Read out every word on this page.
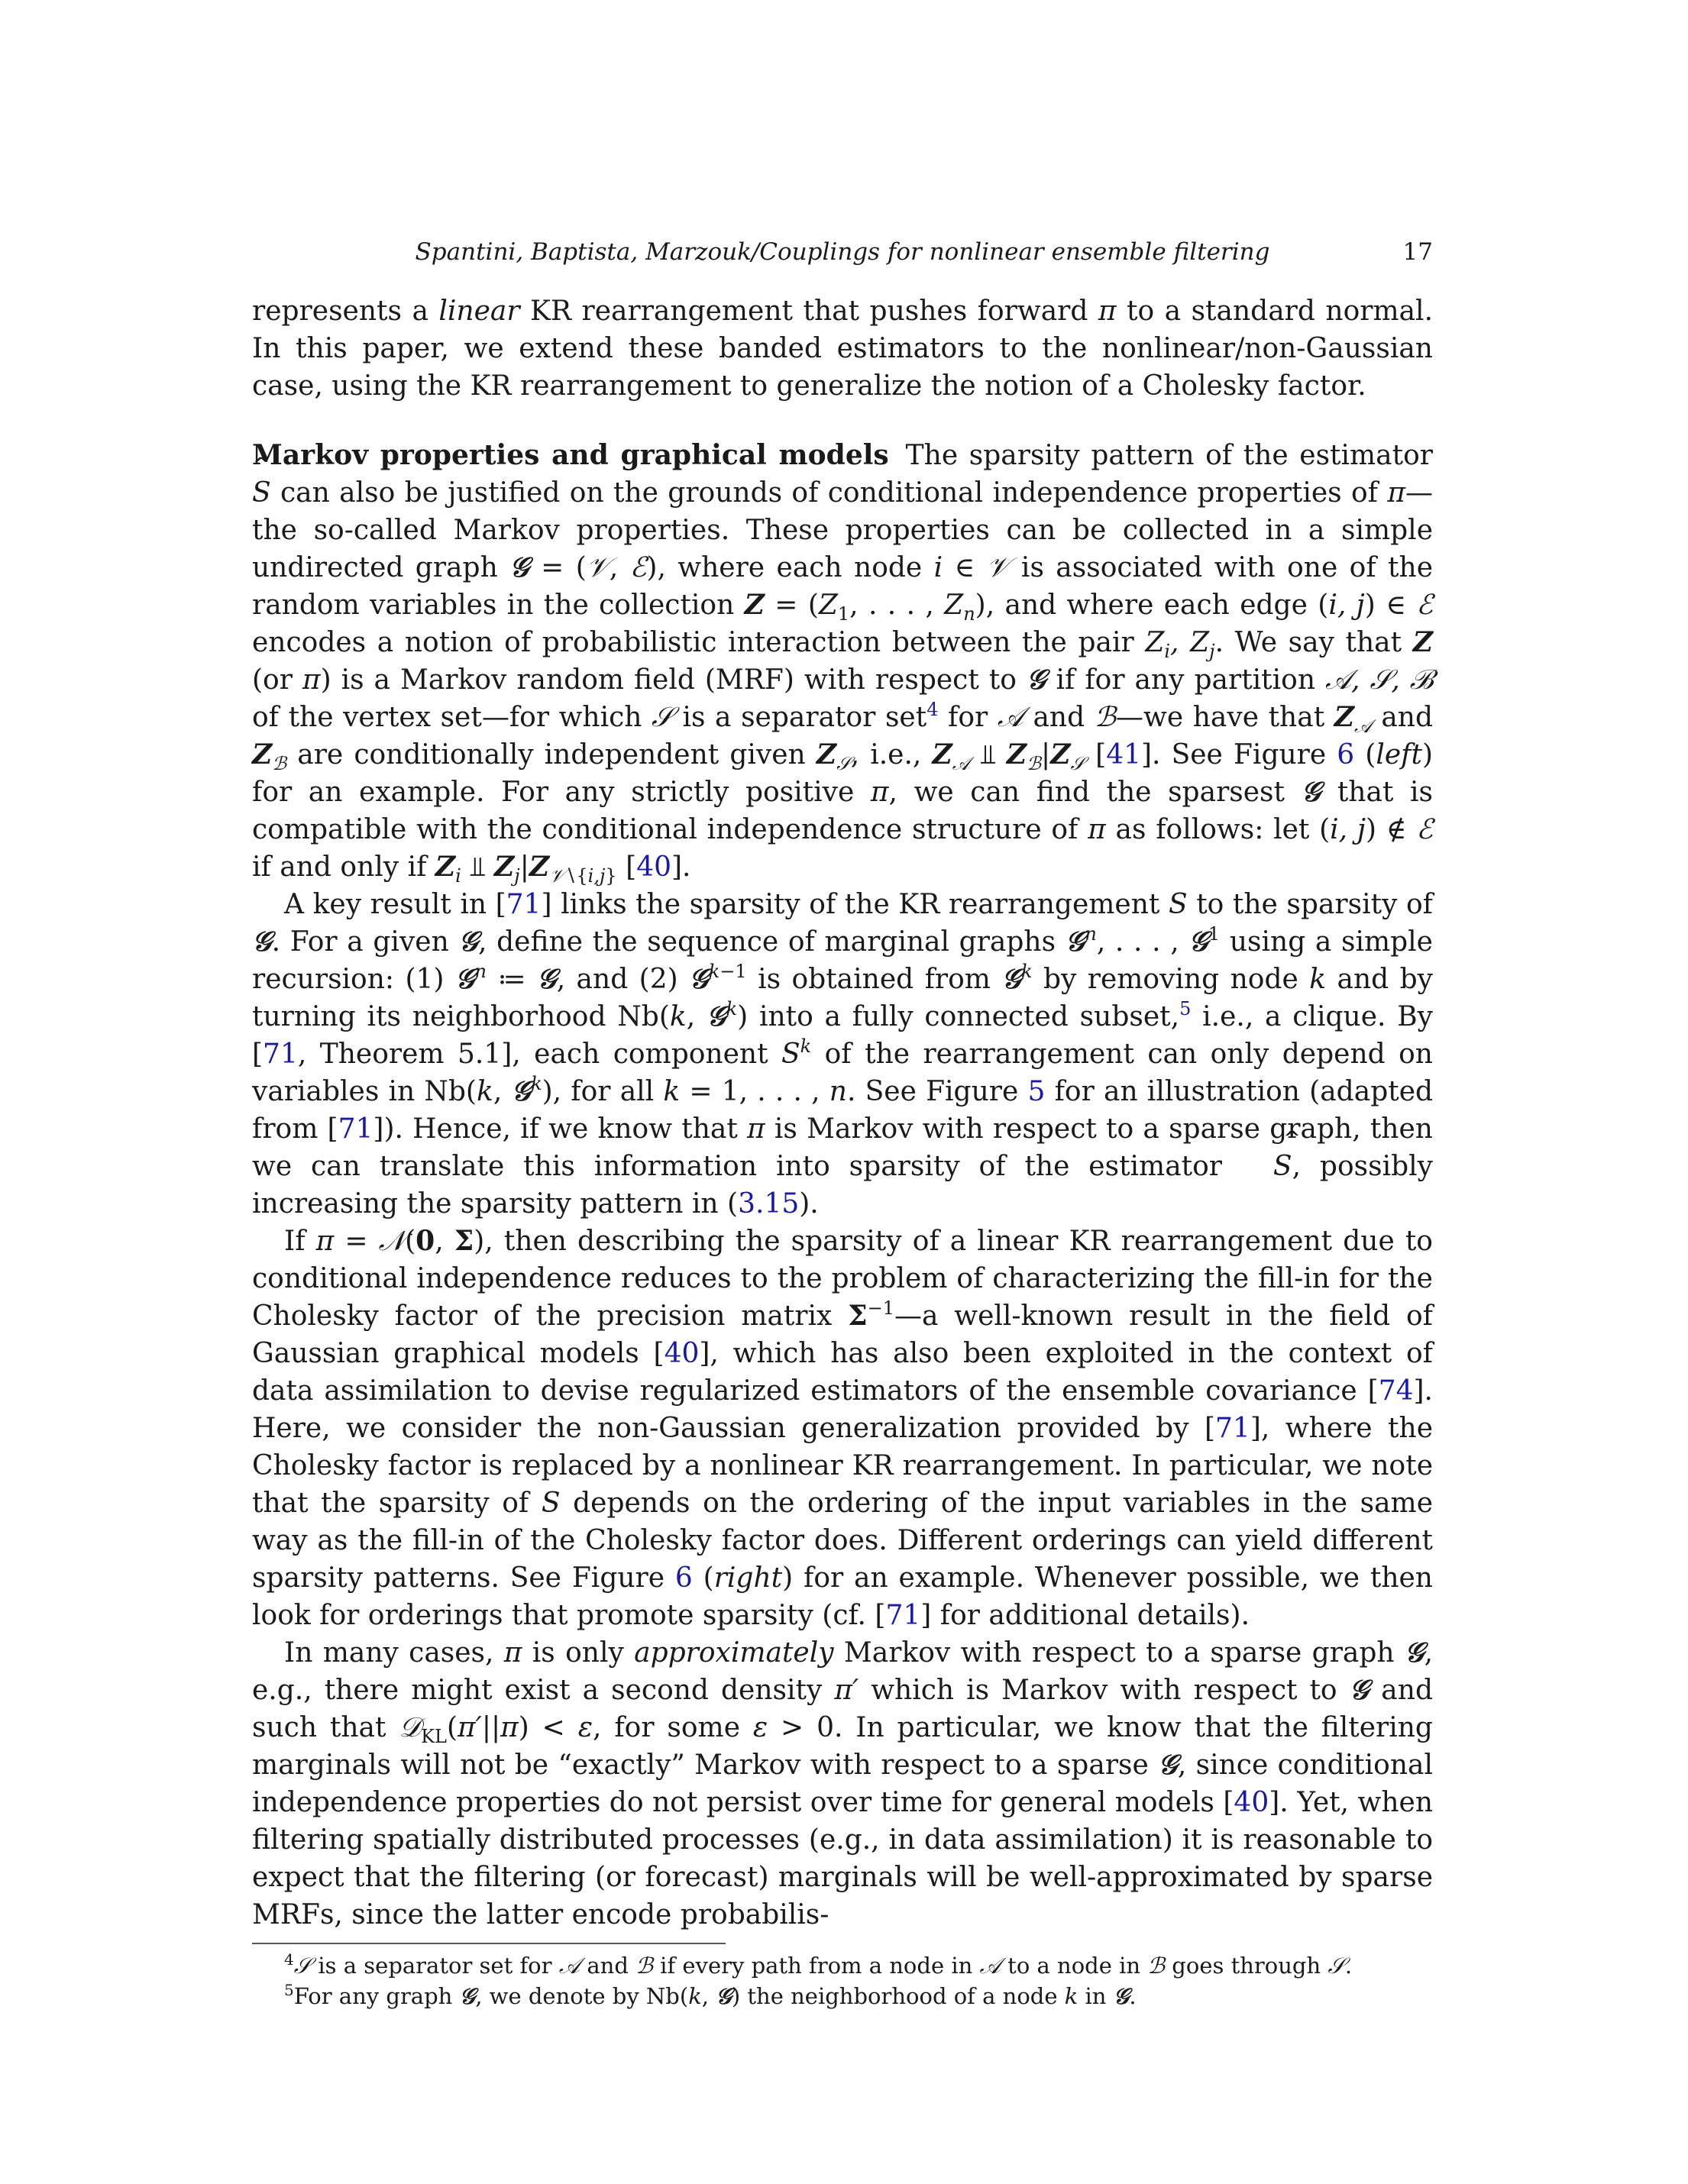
Spantini, Baptista, Marzouk/Couplings for nonlinear ensemble filtering	17

represents a linear KR rearrangement that pushes forward π to a standard normal. In this paper, we extend these banded estimators to the nonlinear/non-Gaussian case, using the KR rearrangement to generalize the notion of a Cholesky factor.

Markov properties and graphical models The sparsity pattern of the estimator ˆ S can also be justified on the grounds of conditional independence properties of π—the so-called Markov properties. These properties can be collected in a simple undirected graph 𝒢 = (𝒱, ℰ), where each node i ∈ 𝒱 is associated with one of the random variables in the collection $Z = (Z_1$, . . . , $Z_n$), and where each edge (i, j) ∈ ℰ encodes a notion of probabilistic interaction between the pair $Z_i$, $Z_j$. We say that Z (or π) is a Markov random field (MRF) with respect to 𝒢 if for any partition 𝒜, 𝒮, ℬ of the vertex set—for which 𝒮 is a separator set$^4$ for 𝒜 and ℬ—we have that $Z_𝒜$ and $Z_ℬ$ are conditionally independent given $Z_𝒮$, i.e., $Z_𝒜$ ⫫ $Z_ℬ|Z_𝒮$ [41]. See Figure 6 (left) for an example. For any strictly positive π, we can find the sparsest 𝒢 that is compatible with the conditional independence structure of π as follows: let (i, j) ∉ ℰ if and only if $Z_i$ ⫫ $Z_j|Z_{𝒱∖\{i,j\}}$ [40].

A key result in [71] links the sparsity of the KR rearrangement S to the sparsity of 𝒢. For a given 𝒢, define the sequence of marginal graphs 𝒢$^n$, . . . , 𝒢$^1$ using a simple recursion: (1) 𝒢$^n$ ≔ 𝒢, and (2) 𝒢$^{k-1}$ is obtained from 𝒢$^k$ by removing node k and by turning its neighborhood Nb(k, 𝒢$^k$) into a fully connected subset,$^5$ i.e., a clique. By [71, Theorem 5.1], each component $S^k$ of the rearrangement can only depend on variables in Nb(k, 𝒢$^k$), for all k = 1, . . . , n. See Figure 5 for an illustration (adapted from [71]). Hence, if we know that π is Markov with respect to a sparse graph, then we can translate this information into sparsity of the estimator ˆ S, possibly increasing the sparsity pattern in (3.15).

If π = 𝒩(0, Σ), then describing the sparsity of a linear KR rearrangement due to conditional independence reduces to the problem of characterizing the fill-in for the Cholesky factor of the precision matrix $\Sigma^{-1}—a$ well-known result in the field of Gaussian graphical models [40], which has also been exploited in the context of data assimilation to devise regularized estimators of the ensemble covariance [74]. Here, we consider the non-Gaussian generalization provided by [71], where the Cholesky factor is replaced by a nonlinear KR rearrangement. In particular, we note that the sparsity of S depends on the ordering of the input variables in the same way as the fill-in of the Cholesky factor does. Different orderings can yield different sparsity patterns. See Figure 6 (right) for an example. Whenever possible, we then look for orderings that promote sparsity (cf. [71] for additional details).

In many cases, π is only approximately Markov with respect to a sparse graph 𝒢, e.g., there might exist a second density π′ which is Markov with respect to 𝒢 and such that 𝒟$_{KL}$(π′||π) < ε, for some ε > 0. In particular, we know that the filtering marginals will not be “exactly” Markov with respect to a sparse 𝒢, since conditional independence properties do not persist over time for general models [40]. Yet, when filtering spatially distributed processes (e.g., in data assimilation) it is reasonable to expect that the filtering (or forecast) marginals will be well-approximated by sparse MRFs, since the latter encode probabilis-

$^4$𝒮 is a separator set for 𝒜 and ℬ if every path from a node in 𝒜 to a node in ℬ goes through 𝒮.

$^5$For any graph 𝒢, we denote by Nb(k, 𝒢) the neighborhood of a node k in 𝒢.
